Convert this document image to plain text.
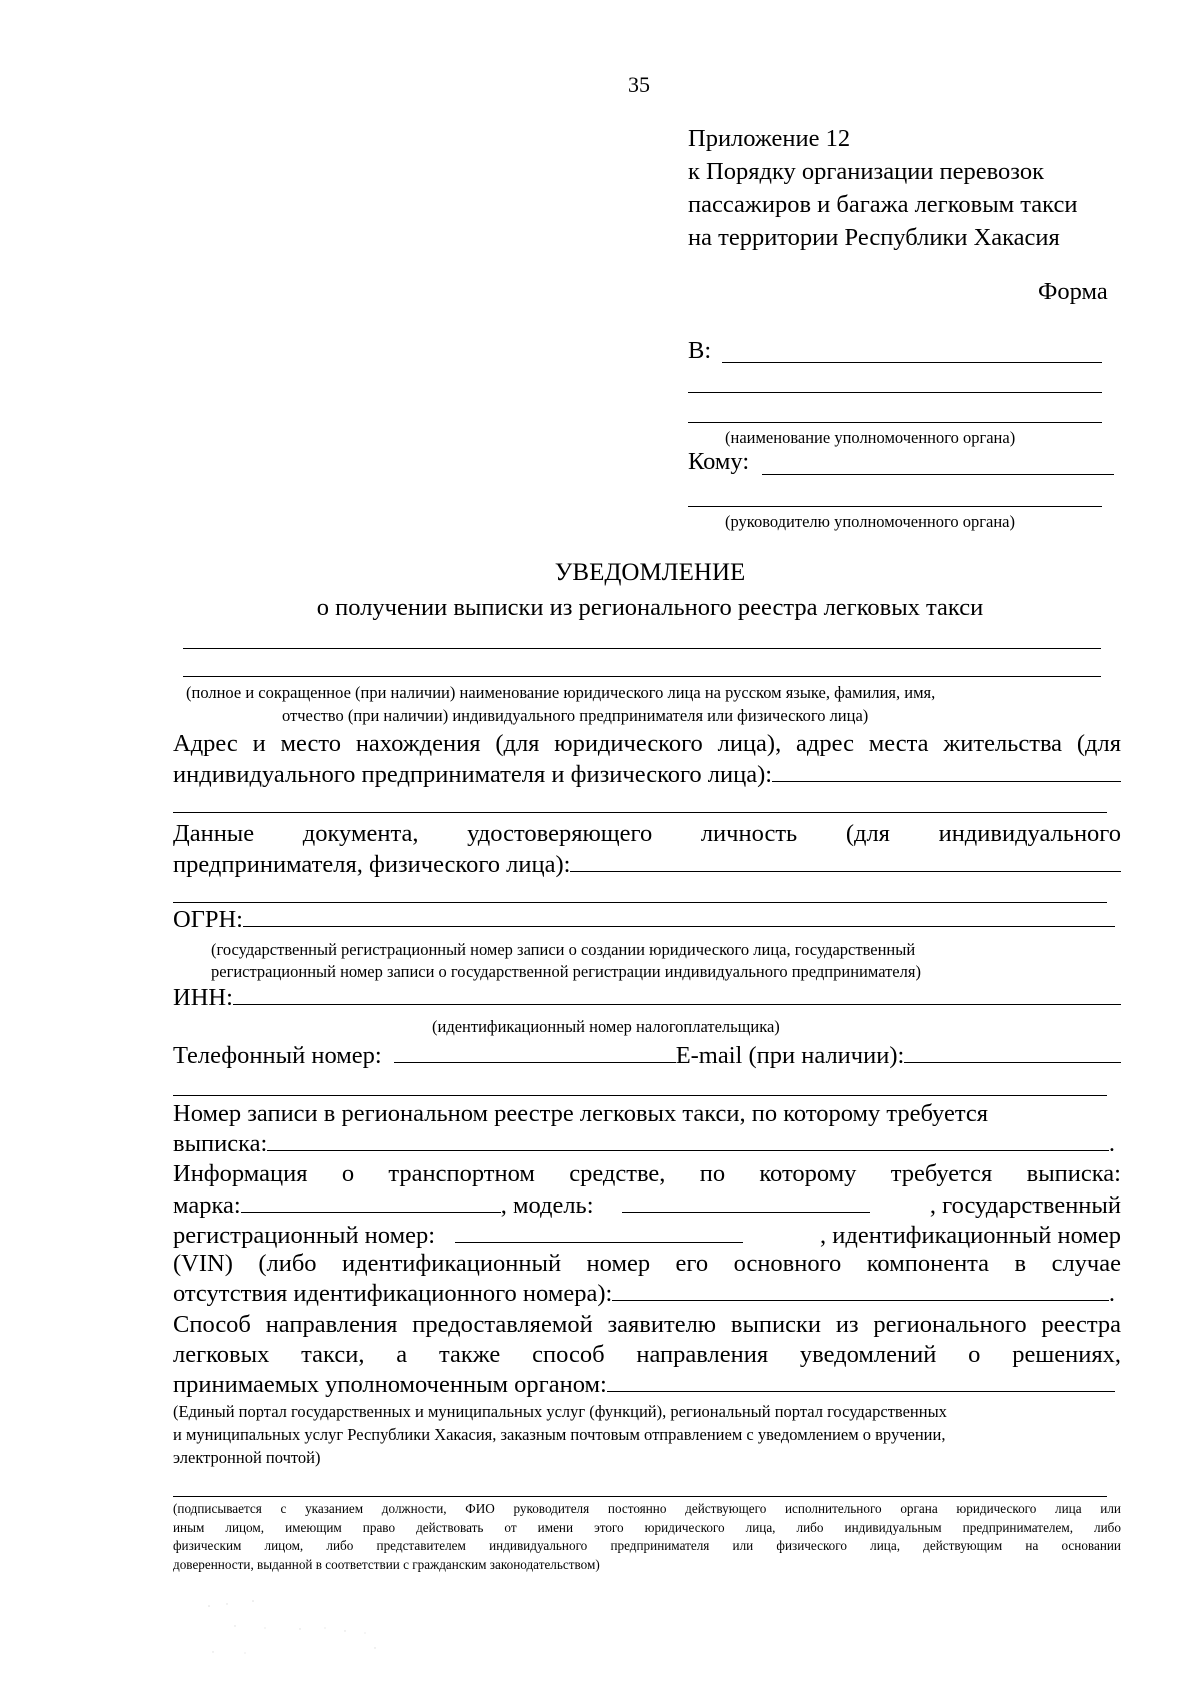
35
Приложение 12
к Порядку организации перевозок
пассажиров и багажа легковым такси
на территории Республики Хакасия
Форма
В:
(наименование уполномоченного органа)
Кому:
(руководителю уполномоченного органа)
УВЕДОМЛЕНИЕ
о получении выписки из регионального реестра легковых такси
(полное и сокращенное (при наличии) наименование юридического лица на русском языке, фамилия, имя,
отчество (при наличии) индивидуального предпринимателя или физического лица)
Адрес и место нахождения (для юридического лица), адрес места жительства (для
индивидуального предпринимателя и физического лица):
Данные документа, удостоверяющего личность (для индивидуального
предпринимателя, физического лица):
ОГРН:
(государственный регистрационный номер записи о создании юридического лица, государственный
регистрационный номер записи о государственной регистрации индивидуального предпринимателя)
ИНН:
(идентификационный номер налогоплательщика)
Телефонный номер:	E-mail (при наличии):
Номер записи в региональном реестре легковых такси, по которому требуется
выписка:	.
Информация о транспортном средстве, по которому требуется выписка:
марка:	, модель:	, государственный
регистрационный номер:	, идентификационный номер
(VIN) (либо идентификационный номер его основного компонента в случае
отсутствия идентификационного номера):	.
Способ направления предоставляемой заявителю выписки из регионального реестра
легковых такси, а также способ направления уведомлений о решениях,
принимаемых уполномоченным органом:
(Единый портал государственных и муниципальных услуг (функций), региональный портал государственных
и муниципальных услуг Республики Хакасия, заказным почтовым отправлением с уведомлением о вручении,
электронной почтой)
(подписывается с указанием должности, ФИО руководителя постоянно действующего исполнительного органа юридического лица или
иным лицом, имеющим право действовать от имени этого юридического лица, либо индивидуальным предпринимателем, либо
физическим лицом, либо представителем индивидуального предпринимателя или физического лица, действующим на основании
доверенности, выданной в соответствии с гражданским законодательством)
